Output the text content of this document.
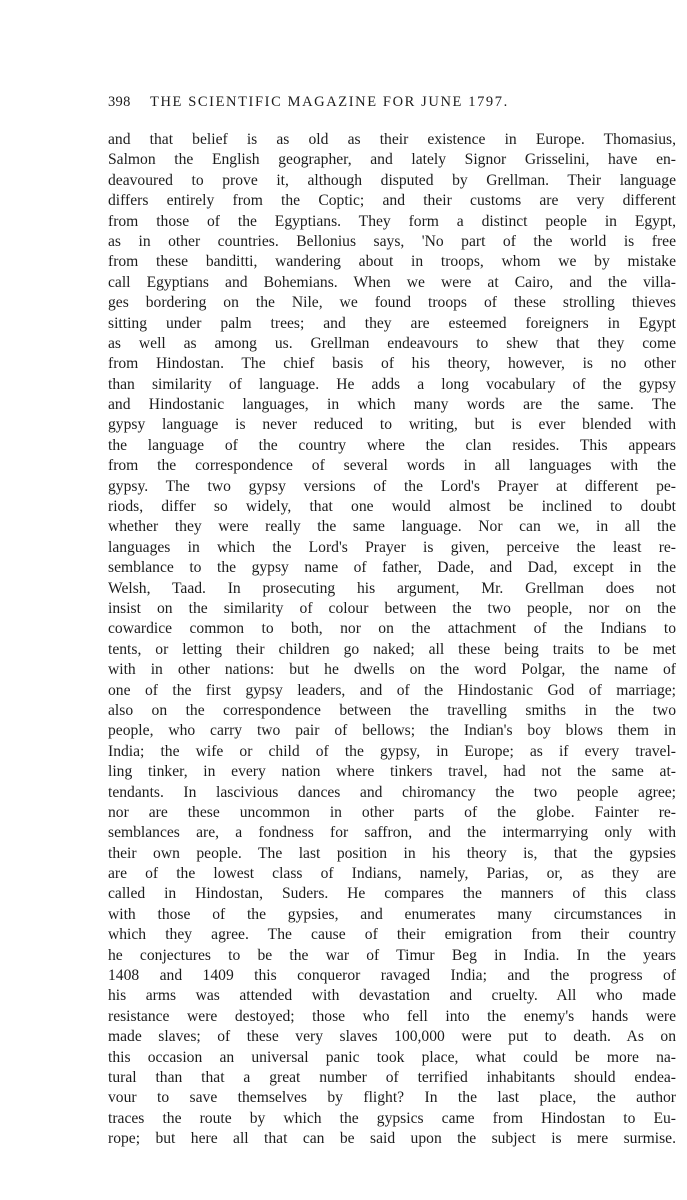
398 THE SCIENTIFIC MAGAZINE FOR JUNE 1797.
and that belief is as old as their existence in Europe. Thomasius,
Salmon the English geographer, and lately Signor Grisselini, have en-
deavoured to prove it, although disputed by Grellman. Their language
differs entirely from the Coptic; and their customs are very different
from those of the Egyptians. They form a distinct people in Egypt,
as in other countries. Bellonius says, 'No part of the world is free
from these banditti, wandering about in troops, whom we by mistake
call Egyptians and Bohemians. When we were at Cairo, and the villa-
ges bordering on the Nile, we found troops of these strolling thieves
sitting under palm trees; and they are esteemed foreigners in Egypt
as well as among us. Grellman endeavours to shew that they come
from Hindostan. The chief basis of his theory, however, is no other
than similarity of language. He adds a long vocabulary of the gypsy
and Hindostanic languages, in which many words are the same. The
gypsy language is never reduced to writing, but is ever blended with
the language of the country where the clan resides. This appears
from the correspondence of several words in all languages with the
gypsy. The two gypsy versions of the Lord's Prayer at different pe-
riods, differ so widely, that one would almost be inclined to doubt
whether they were really the same language. Nor can we, in all the
languages in which the Lord's Prayer is given, perceive the least re-
semblance to the gypsy name of father, Dade, and Dad, except in the
Welsh, Taad. In prosecuting his argument, Mr. Grellman does not
insist on the similarity of colour between the two people, nor on the
cowardice common to both, nor on the attachment of the Indians to
tents, or letting their children go naked; all these being traits to be met
with in other nations: but he dwells on the word Polgar, the name of
one of the first gypsy leaders, and of the Hindostanic God of marriage;
also on the correspondence between the travelling smiths in the two
people, who carry two pair of bellows; the Indian's boy blows them in
India; the wife or child of the gypsy, in Europe; as if every travel-
ling tinker, in every nation where tinkers travel, had not the same at-
tendants. In lascivious dances and chiromancy the two people agree;
nor are these uncommon in other parts of the globe. Fainter re-
semblances are, a fondness for saffron, and the intermarrying only with
their own people. The last position in his theory is, that the gypsies
are of the lowest class of Indians, namely, Parias, or, as they are
called in Hindostan, Suders. He compares the manners of this class
with those of the gypsies, and enumerates many circumstances in
which they agree. The cause of their emigration from their country
he conjectures to be the war of Timur Beg in India. In the years
1408 and 1409 this conqueror ravaged India; and the progress of
his arms was attended with devastation and cruelty. All who made
resistance were destoyed; those who fell into the enemy's hands were
made slaves; of these very slaves 100,000 were put to death. As on
this occasion an universal panic took place, what could be more na-
tural than that a great number of terrified inhabitants should endea-
vour to save themselves by flight? In the last place, the author
traces the route by which the gypsics came from Hindostan to Eu-
rope; but here all that can be said upon the subject is mere surmise.
